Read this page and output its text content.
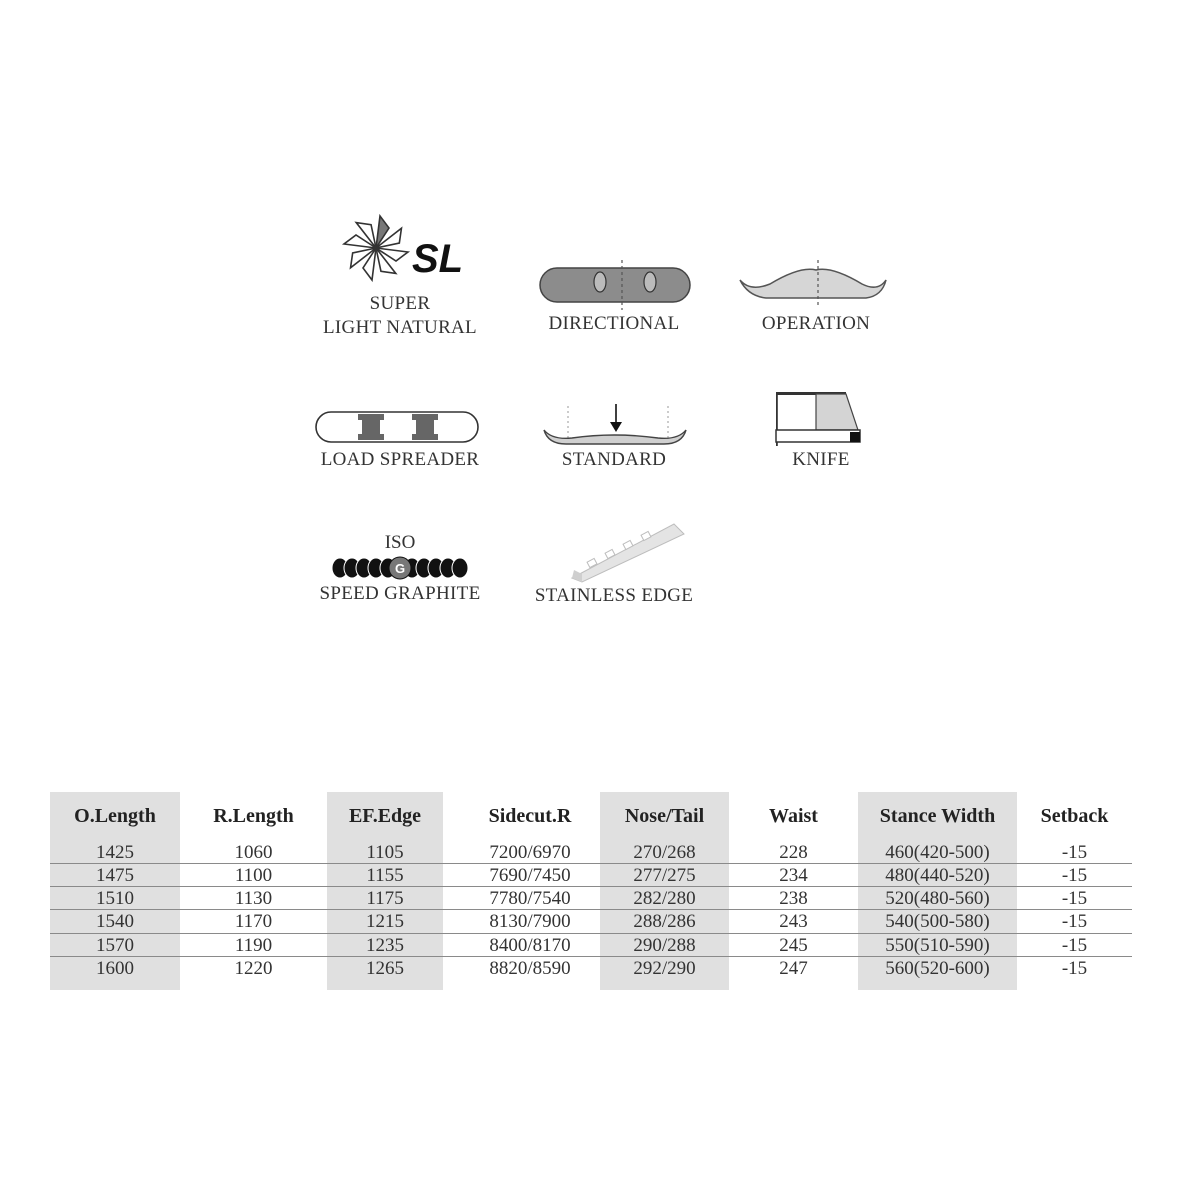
SL
SUPER
LIGHT NATURAL	DIRECTIONAL	OPERATION
LOAD SPREADER	STANDARD	KNIFE
ISO
G
SPEED GRAPHITE	STAINLESS EDGE
O.Length	R.Length	EF.Edge	Sidecut.R	Nose/Tail	Waist	Stance Width	Setback
1425	1060	1105	7200/6970	270/268	228	460(420-500)	-15
1475	1100	1155	7690/7450	277/275	234	480(440-520)	-15
1510	1130	1175	7780/7540	282/280	238	520(480-560)	-15
1540	1170	1215	8130/7900	288/286	243	540(500-580)	-15
1570	1190	1235	8400/8170	290/288	245	550(510-590)	-15
1600	1220	1265	8820/8590	292/290	247	560(520-600)	-15
